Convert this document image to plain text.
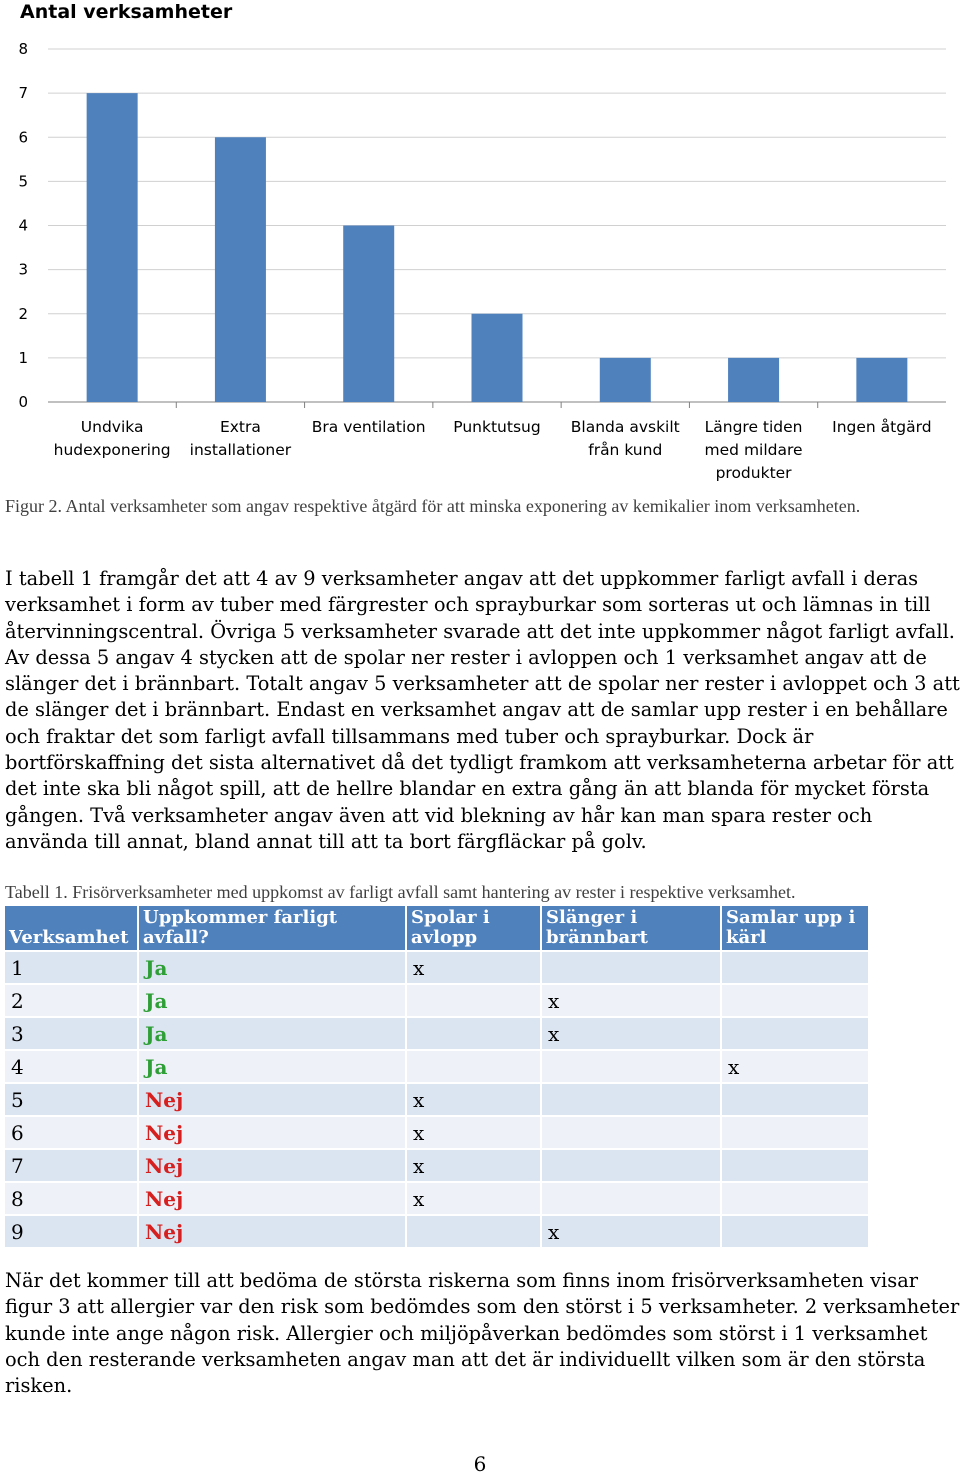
Antal verksamheter
0
1
2
3
4
5
6
7
8
Undvika hudexponering
Extra installationer
Bra ventilation Punktutsug Blanda avskilt från kund
Längre tiden med mildare produkter
Ingen åtgärd
Figur 2. Antal verksamheter som angav respektive åtgärd för att minska exponering av kemikalier inom verksamheten.

I tabell 1 framgår det att 4 av 9 verksamheter angav att det uppkommer farligt avfall i deras verksamhet i form av tuber med färgrester och sprayburkar som sorteras ut och lämnas in till återvinningscentral. Övriga 5 verksamheter svarade att det inte uppkommer något farligt avfall. Av dessa 5 angav 4 stycken att de spolar ner rester i avloppen och 1 verksamhet angav att de slänger det i brännbart. Totalt angav 5 verksamheter att de spolar ner rester i avloppet och 3 att de slänger det i brännbart. Endast en verksamhet angav att de samlar upp rester i en behållare och fraktar det som farligt avfall tillsammans med tuber och sprayburkar. Dock är bortförskaffning det sista alternativet då det tydligt framkom att verksamheterna arbetar för att det inte ska bli något spill, att de hellre blandar en extra gång än att blanda för mycket första gången. Två verksamheter angav även att vid blekning av hår kan man spara rester och använda till annat, bland annat till att ta bort färgfläckar på golv.

Tabell 1. Frisörverksamheter med uppkomst av farligt avfall samt hantering av rester i respektive verksamhet.
Verksamhet	Uppkommer farligt avfall?	Spolar i avlopp	Slänger i brännbart	Samlar upp i kärl
1	Ja	x		
2	Ja		x	
3	Ja		x	
4	Ja			x
5	Nej	x		
6	Nej	x		
7	Nej	x		
8	Nej	x		
9	Nej		x	

När det kommer till att bedöma de största riskerna som finns inom frisörverksamheten visar figur 3 att allergier var den risk som bedömdes som den störst i 5 verksamheter. 2 verksamheter kunde inte ange någon risk. Allergier och miljöpåverkan bedömdes som störst i 1 verksamhet och den resterande verksamheten angav man att det är individuellt vilken som är den största risken.

6
